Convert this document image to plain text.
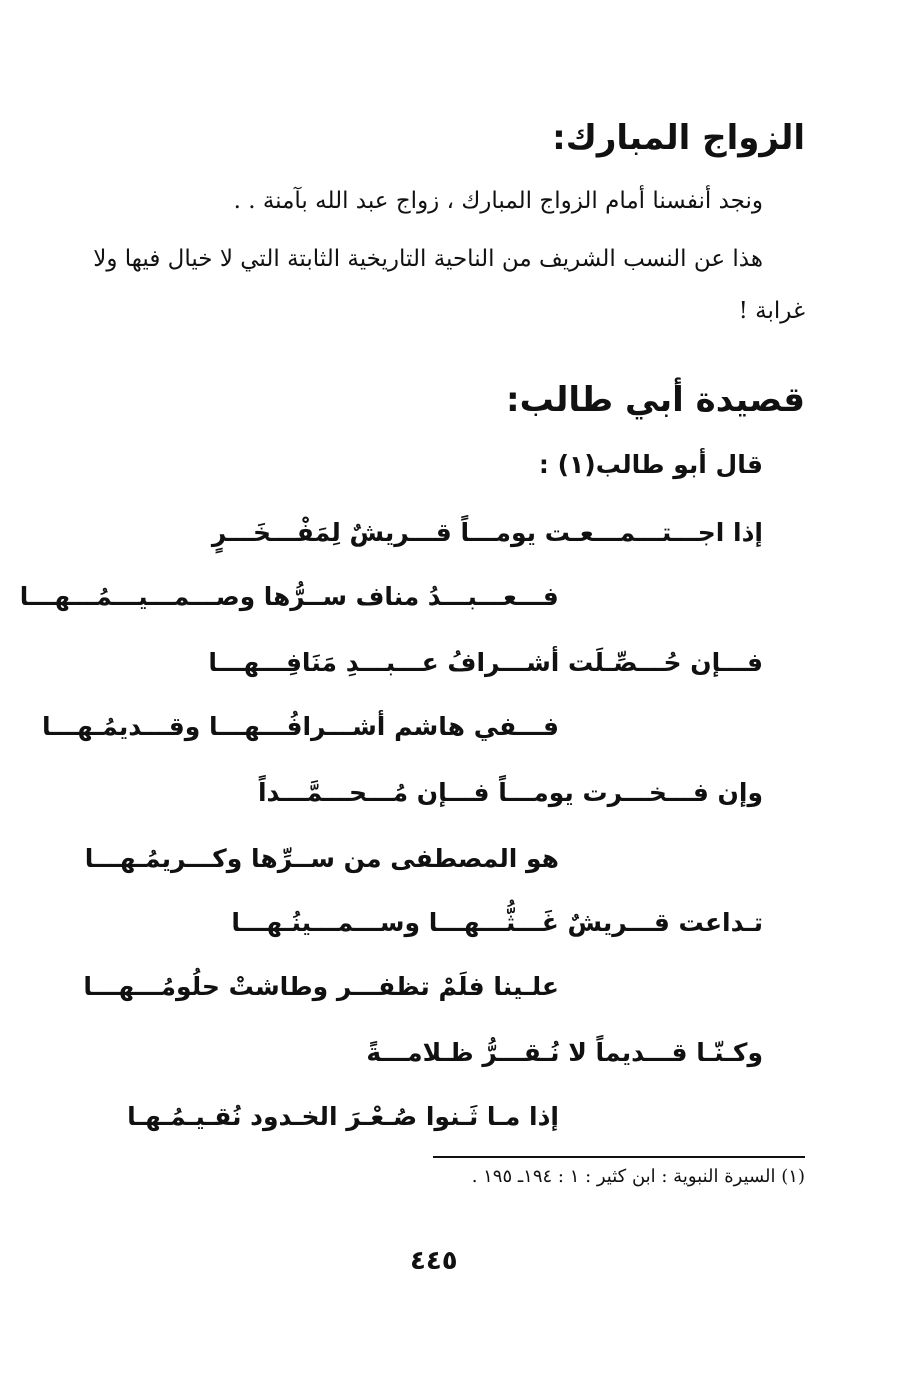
الزواج المبارك:
ونجد أنفسنا أمام الزواج المبارك ، زواج عبد الله بآمنة . .
هذا عن النسب الشريف من الناحية التاريخية الثابتة التي لا خيال فيها ولا
غرابة !
قصيدة أبي طالب:
قال أبو طالب(١) :
إذا اجـــتـــمـــعـت يومـــاً قـــريشٌ لِمَفْـــخَـــرٍ
فـــعـــبـــدُ مناف ســرُّها وصـــمـــيـــمُـــهـــا
فـــإن حُـــصِّـلَت أشـــرافُ عـــبـــدِ مَنَافِـــهـــا
فـــفي هاشم أشـــرافُـــهـــا وقـــديمُـهـــا
وإن فـــخـــرت يومـــاً فـــإن مُـــحـــمَّـــداً
هو المصطفى من ســرِّها وكـــريمُـهـــا
تـداعت قـــريشٌ غَـــثُّـــهـــا وســـمـــينُـهـــا
علـينا فلَمْ تظفـــر وطاشتْ حلُومُـــهـــا
وكـنّـا قـــديماً لا نُـقـــرُّ ظـلامـــةً
إذا مـا ثَـنوا صُـعْـرَ الخـدود نُقـيـمُـهـا
(١) السيرة النبوية : ابن كثير : ١ : ١٩٤ـ ١٩٥ .
٤٤٥
